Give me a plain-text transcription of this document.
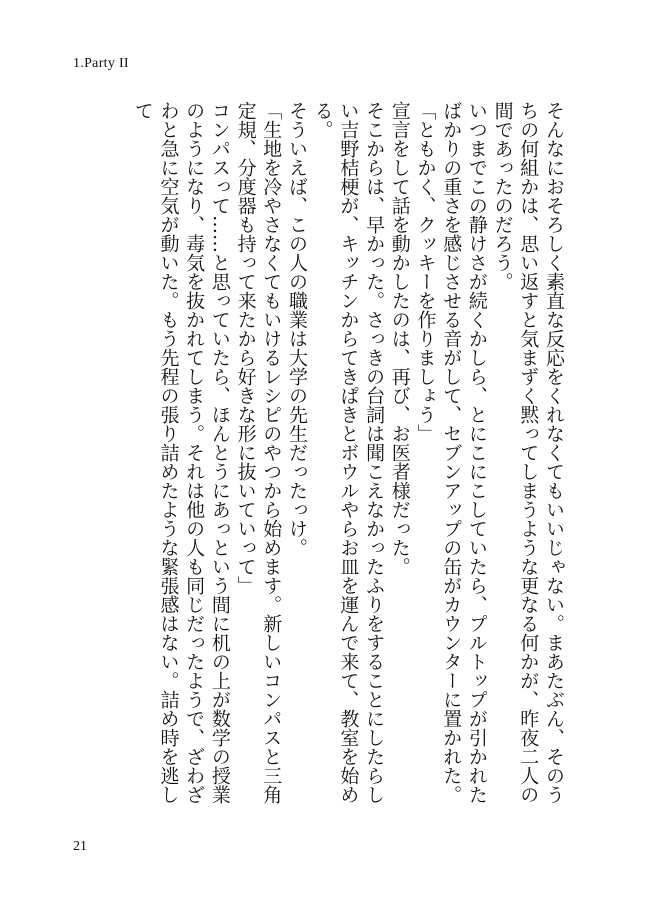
1.Party II
そんなにおそろしく素直な反応をくれなくてもいいじゃない。まあたぶん、そのうちの何組かは、思い返すと気まずく黙ってしまうような更なる何かが、昨夜二人の間であったのだろう。
いつまでこの静けさが続くかしら、とにこにこしていたら、プルトップが引かれたばかりの重さを感じさせる音がして、セブンアップの缶がカウンターに置かれた。
「ともかく、クッキーを作りましょう」
宣言をして話を動かしたのは、再び、お医者様だった。
そこからは、早かった。さっきの台詞は聞こえなかったふりをすることにしたらしい吉野桔梗が、キッチンからてきぱきとボウルやらお皿を運んで来て、教室を始める。
そういえば、この人の職業は大学の先生だったっけ。
「生地を冷やさなくてもいけるレシピのやつから始めます。新しいコンパスと三角定規、分度器も持って来たから好きな形に抜いていって」
コンパスって……と思っていたら、ほんとうにあっという間に机の上が数学の授業のようになり、毒気を抜かれてしまう。それは他の人も同じだったようで、ざわざわと急に空気が動いた。もう先程の張り詰めたような緊張感はない。詰め時を逃して
21
